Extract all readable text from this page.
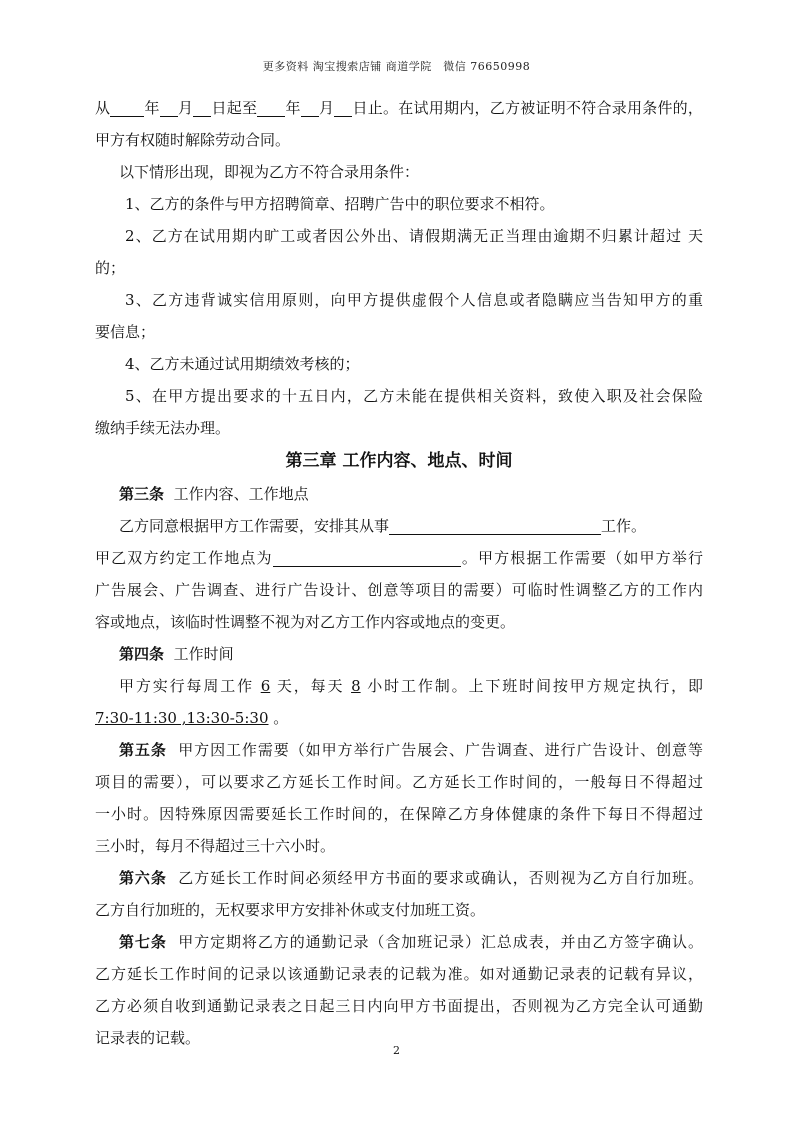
更多资料 淘宝搜索店铺 商道学院　微信 76650998
从 年 月 日起至 年 月 日止。在试用期内，乙方被证明不符合录用条件的，
甲方有权随时解除劳动合同。
以下情形出现，即视为乙方不符合录用条件：
1、乙方的条件与甲方招聘简章、招聘广告中的职位要求不相符。
2、乙方在试用期内旷工或者因公外出、请假期满无正当理由逾期不归累计超过 天
的；
3、乙方违背诚实信用原则，向甲方提供虚假个人信息或者隐瞒应当告知甲方的重
要信息；
4、乙方未通过试用期绩效考核的；
5、在甲方提出要求的十五日内，乙方未能在提供相关资料，致使入职及社会保险
缴纳手续无法办理。
第三章 工作内容、地点、时间
第三条 工作内容、工作地点
乙方同意根据甲方工作需要，安排其从事	工作。
甲乙双方约定工作地点为	。甲方根据工作需要（如甲方举行
广告展会、广告调查、进行广告设计、创意等项目的需要）可临时性调整乙方的工作内
容或地点，该临时性调整不视为对乙方工作内容或地点的变更。
第四条 工作时间
甲方实行每周工作 6 天，每天 8 小时工作制。上下班时间按甲方规定执行，即
7:30-11:30 ,13:30-5:30 。
第五条 甲方因工作需要（如甲方举行广告展会、广告调查、进行广告设计、创意等
项目的需要），可以要求乙方延长工作时间。乙方延长工作时间的，一般每日不得超过
一小时。因特殊原因需要延长工作时间的，在保障乙方身体健康的条件下每日不得超过
三小时，每月不得超过三十六小时。
第六条 乙方延长工作时间必须经甲方书面的要求或确认，否则视为乙方自行加班。
乙方自行加班的，无权要求甲方安排补休或支付加班工资。
第七条 甲方定期将乙方的通勤记录（含加班记录）汇总成表，并由乙方签字确认。
乙方延长工作时间的记录以该通勤记录表的记载为准。如对通勤记录表的记载有异议，
乙方必须自收到通勤记录表之日起三日内向甲方书面提出，否则视为乙方完全认可通勤
记录表的记载。
2
